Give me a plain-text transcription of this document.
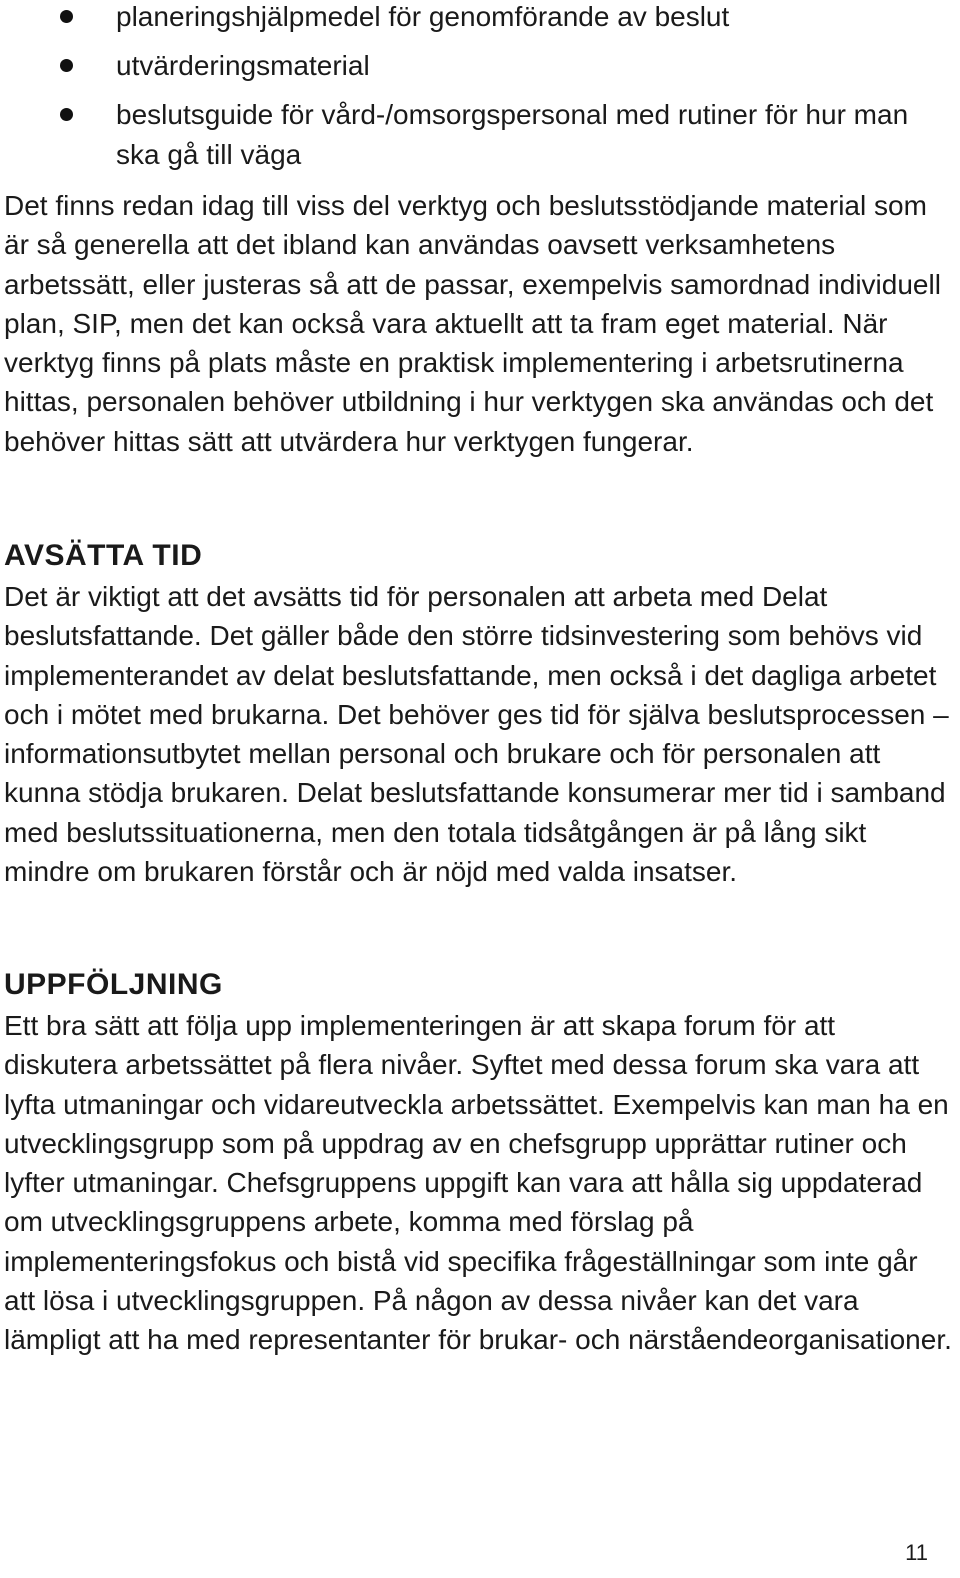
planeringshjälpmedel för genomförande av beslut
utvärderingsmaterial
beslutsguide för vård-/omsorgspersonal med rutiner för hur man ska gå till väga

Det finns redan idag till viss del verktyg och beslutsstödjande material som är så generella att det ibland kan användas oavsett verksamhetens arbetssätt, eller justeras så att de passar, exempelvis samordnad individuell plan, SIP, men det kan också vara aktuellt att ta fram eget material. När verktyg finns på plats måste en praktisk implementering i arbetsrutinerna hittas, personalen behöver utbildning i hur verktygen ska användas och det behöver hittas sätt att utvärdera hur verktygen fungerar.

AVSÄTTA TID

Det är viktigt att det avsätts tid för personalen att arbeta med Delat beslutsfattande. Det gäller både den större tidsinvestering som behövs vid implementerandet av delat beslutsfattande, men också i det dagliga arbetet och i mötet med brukarna. Det behöver ges tid för själva beslutsprocessen – informationsutbytet mellan personal och brukare och för personalen att kunna stödja brukaren. Delat beslutsfattande konsumerar mer tid i samband med beslutssituationerna, men den totala tidsåtgången är på lång sikt mindre om brukaren förstår och är nöjd med valda insatser.

UPPFÖLJNING

Ett bra sätt att följa upp implementeringen är att skapa forum för att diskutera arbetssättet på flera nivåer. Syftet med dessa forum ska vara att lyfta utmaningar och vidareutveckla arbetssättet. Exempelvis kan man ha en utvecklingsgrupp som på uppdrag av en chefsgrupp upprättar rutiner och lyfter utmaningar. Chefsgruppens uppgift kan vara att hålla sig uppdaterad om utvecklingsgruppens arbete, komma med förslag på implementeringsfokus och bistå vid specifika frågeställningar som inte går att lösa i utvecklingsgruppen. På någon av dessa nivåer kan det vara lämpligt att ha med representanter för brukar- och närståendeorganisationer.

11
